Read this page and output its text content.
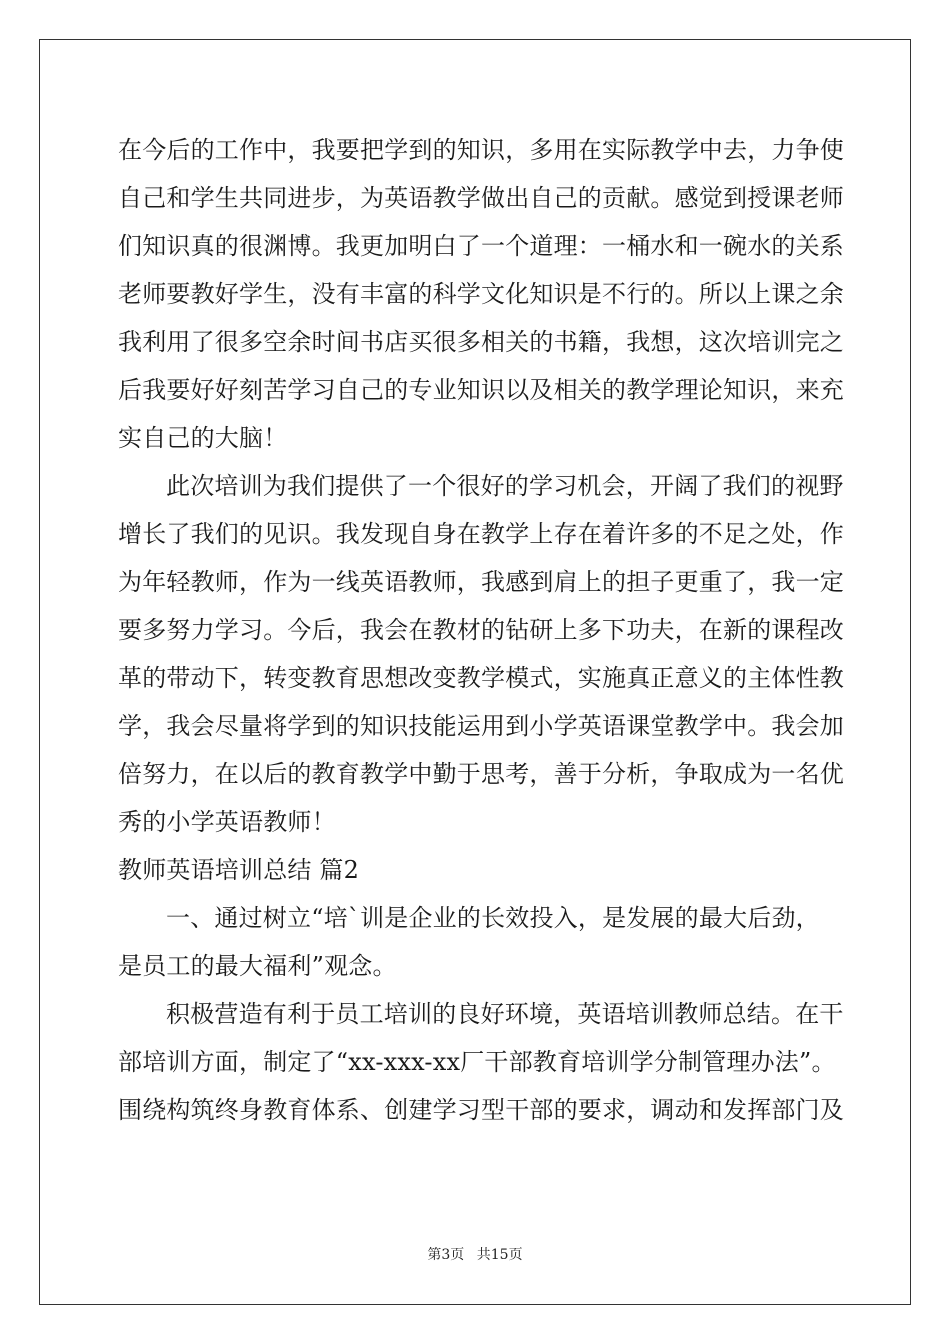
在今后的工作中，我要把学到的知识，多用在实际教学中去，力争使
自己和学生共同进步，为英语教学做出自己的贡献。感觉到授课老师
们知识真的很渊博。我更加明白了一个道理：一桶水和一碗水的关系
老师要教好学生，没有丰富的科学文化知识是不行的。所以上课之余
我利用了很多空余时间书店买很多相关的书籍，我想，这次培训完之
后我要好好刻苦学习自己的专业知识以及相关的教学理论知识，来充
实自己的大脑！
此次培训为我们提供了一个很好的学习机会，开阔了我们的视野
增长了我们的见识。我发现自身在教学上存在着许多的不足之处，作
为年轻教师，作为一线英语教师，我感到肩上的担子更重了，我一定
要多努力学习。今后，我会在教材的钻研上多下功夫，在新的课程改
革的带动下，转变教育思想改变教学模式，实施真正意义的主体性教
学，我会尽量将学到的知识技能运用到小学英语课堂教学中。我会加
倍努力，在以后的教育教学中勤于思考，善于分析，争取成为一名优
秀的小学英语教师！
教师英语培训总结 篇2
一、通过树立“培`训是企业的长效投入，是发展的最大后劲，
是员工的最大福利”观念。
积极营造有利于员工培训的良好环境，英语培训教师总结。在干
部培训方面，制定了“xx-xxx-xx厂干部教育培训学分制管理办法”。
围绕构筑终身教育体系、创建学习型干部的要求，调动和发挥部门及
第3页 共15页
